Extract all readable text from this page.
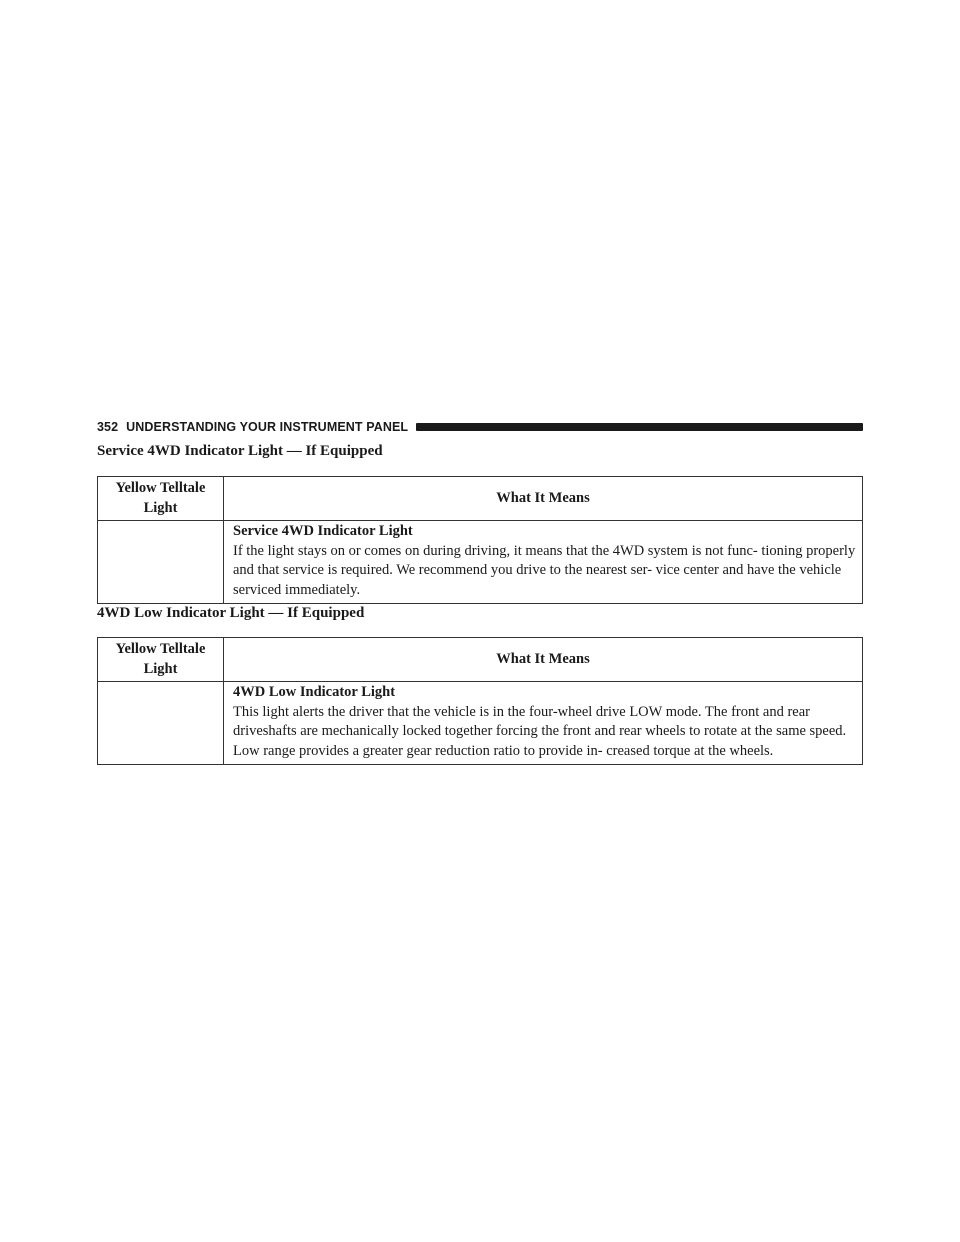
352 UNDERSTANDING YOUR INSTRUMENT PANEL
Service 4WD Indicator Light — If Equipped
Yellow Telltale Light	What It Means

	Service 4WD Indicator Light
If the light stays on or comes on during driving, it means that the 4WD system is not func- tioning properly and that service is required. We recommend you drive to the nearest ser- vice center and have the vehicle serviced immediately.
4WD Low Indicator Light — If Equipped
Yellow Telltale Light	What It Means

	4WD Low Indicator Light
This light alerts the driver that the vehicle is in the four-wheel drive LOW mode. The front and rear driveshafts are mechanically locked together forcing the front and rear wheels to rotate at the same speed. Low range provides a greater gear reduction ratio to provide in- creased torque at the wheels.
